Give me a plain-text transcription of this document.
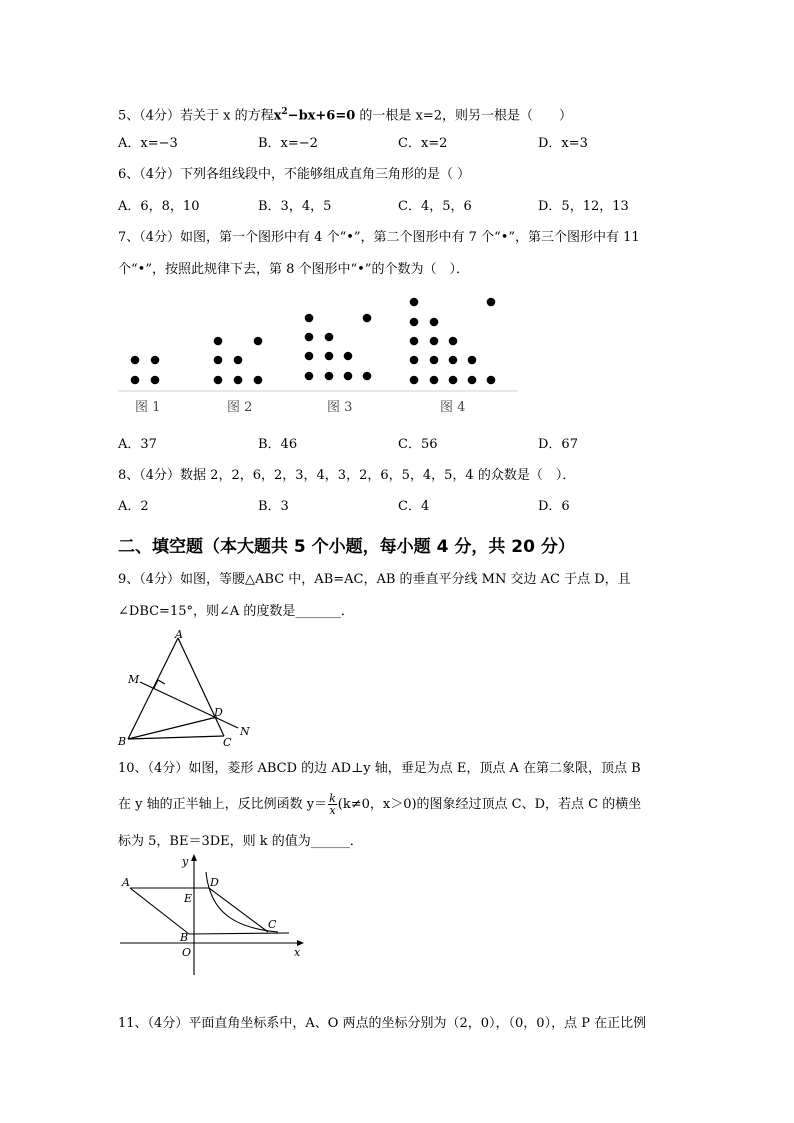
5、（4分）若关于 x 的方程$x^2-bx+6=0$ 的一根是 x=2，则另一根是（　　）
A．x=−3	B．x=−2	C．x=2	D．x=3
6、（4分）下列各组线段中，不能够组成直角三角形的是（ ）
A．6，8，10	B．3，4，5	C．4，5，6	D．5，12，13
7、（4分）如图，第一个图形中有 4 个“•”，第二个图形中有 7 个“•”，第三个图形中有 11
个“•”，按照此规律下去，第 8 个图形中“•”的个数为（　）．
图 1	图 2	图 3	图 4
A．37	B．46	C．56	D．67
8、（4分）数据 2，2，6，2，3，4，3，2，6，5，4，5，4 的众数是（　）．
A．2	B．3	C．4	D．6
二、填空题（本大题共 5 个小题，每小题 4 分，共 20 分）
9、（4分）如图，等腰△ABC 中，AB=AC，AB 的垂直平分线 MN 交边 AC 于点 D，且
∠DBC=15°，则∠A 的度数是_______．
A
M
D
N
B	C
10、（4分）如图，菱形 ABCD 的边 AD⊥y 轴，垂足为点 E，顶点 A 在第二象限，顶点 B
在 y 轴的正半轴上，反比例函数 $y= \frac{k}{x} (k\ne 0$，x＞0)的图象经过顶点 C、D，若点 C 的横坐
标为 5，BE＝3DE，则 k 的值为______．
y
x
A	D
E
C
B
O
11、（4分）平面直角坐标系中，A、O 两点的坐标分别为（2，0），（0，0），点 P 在正比例
